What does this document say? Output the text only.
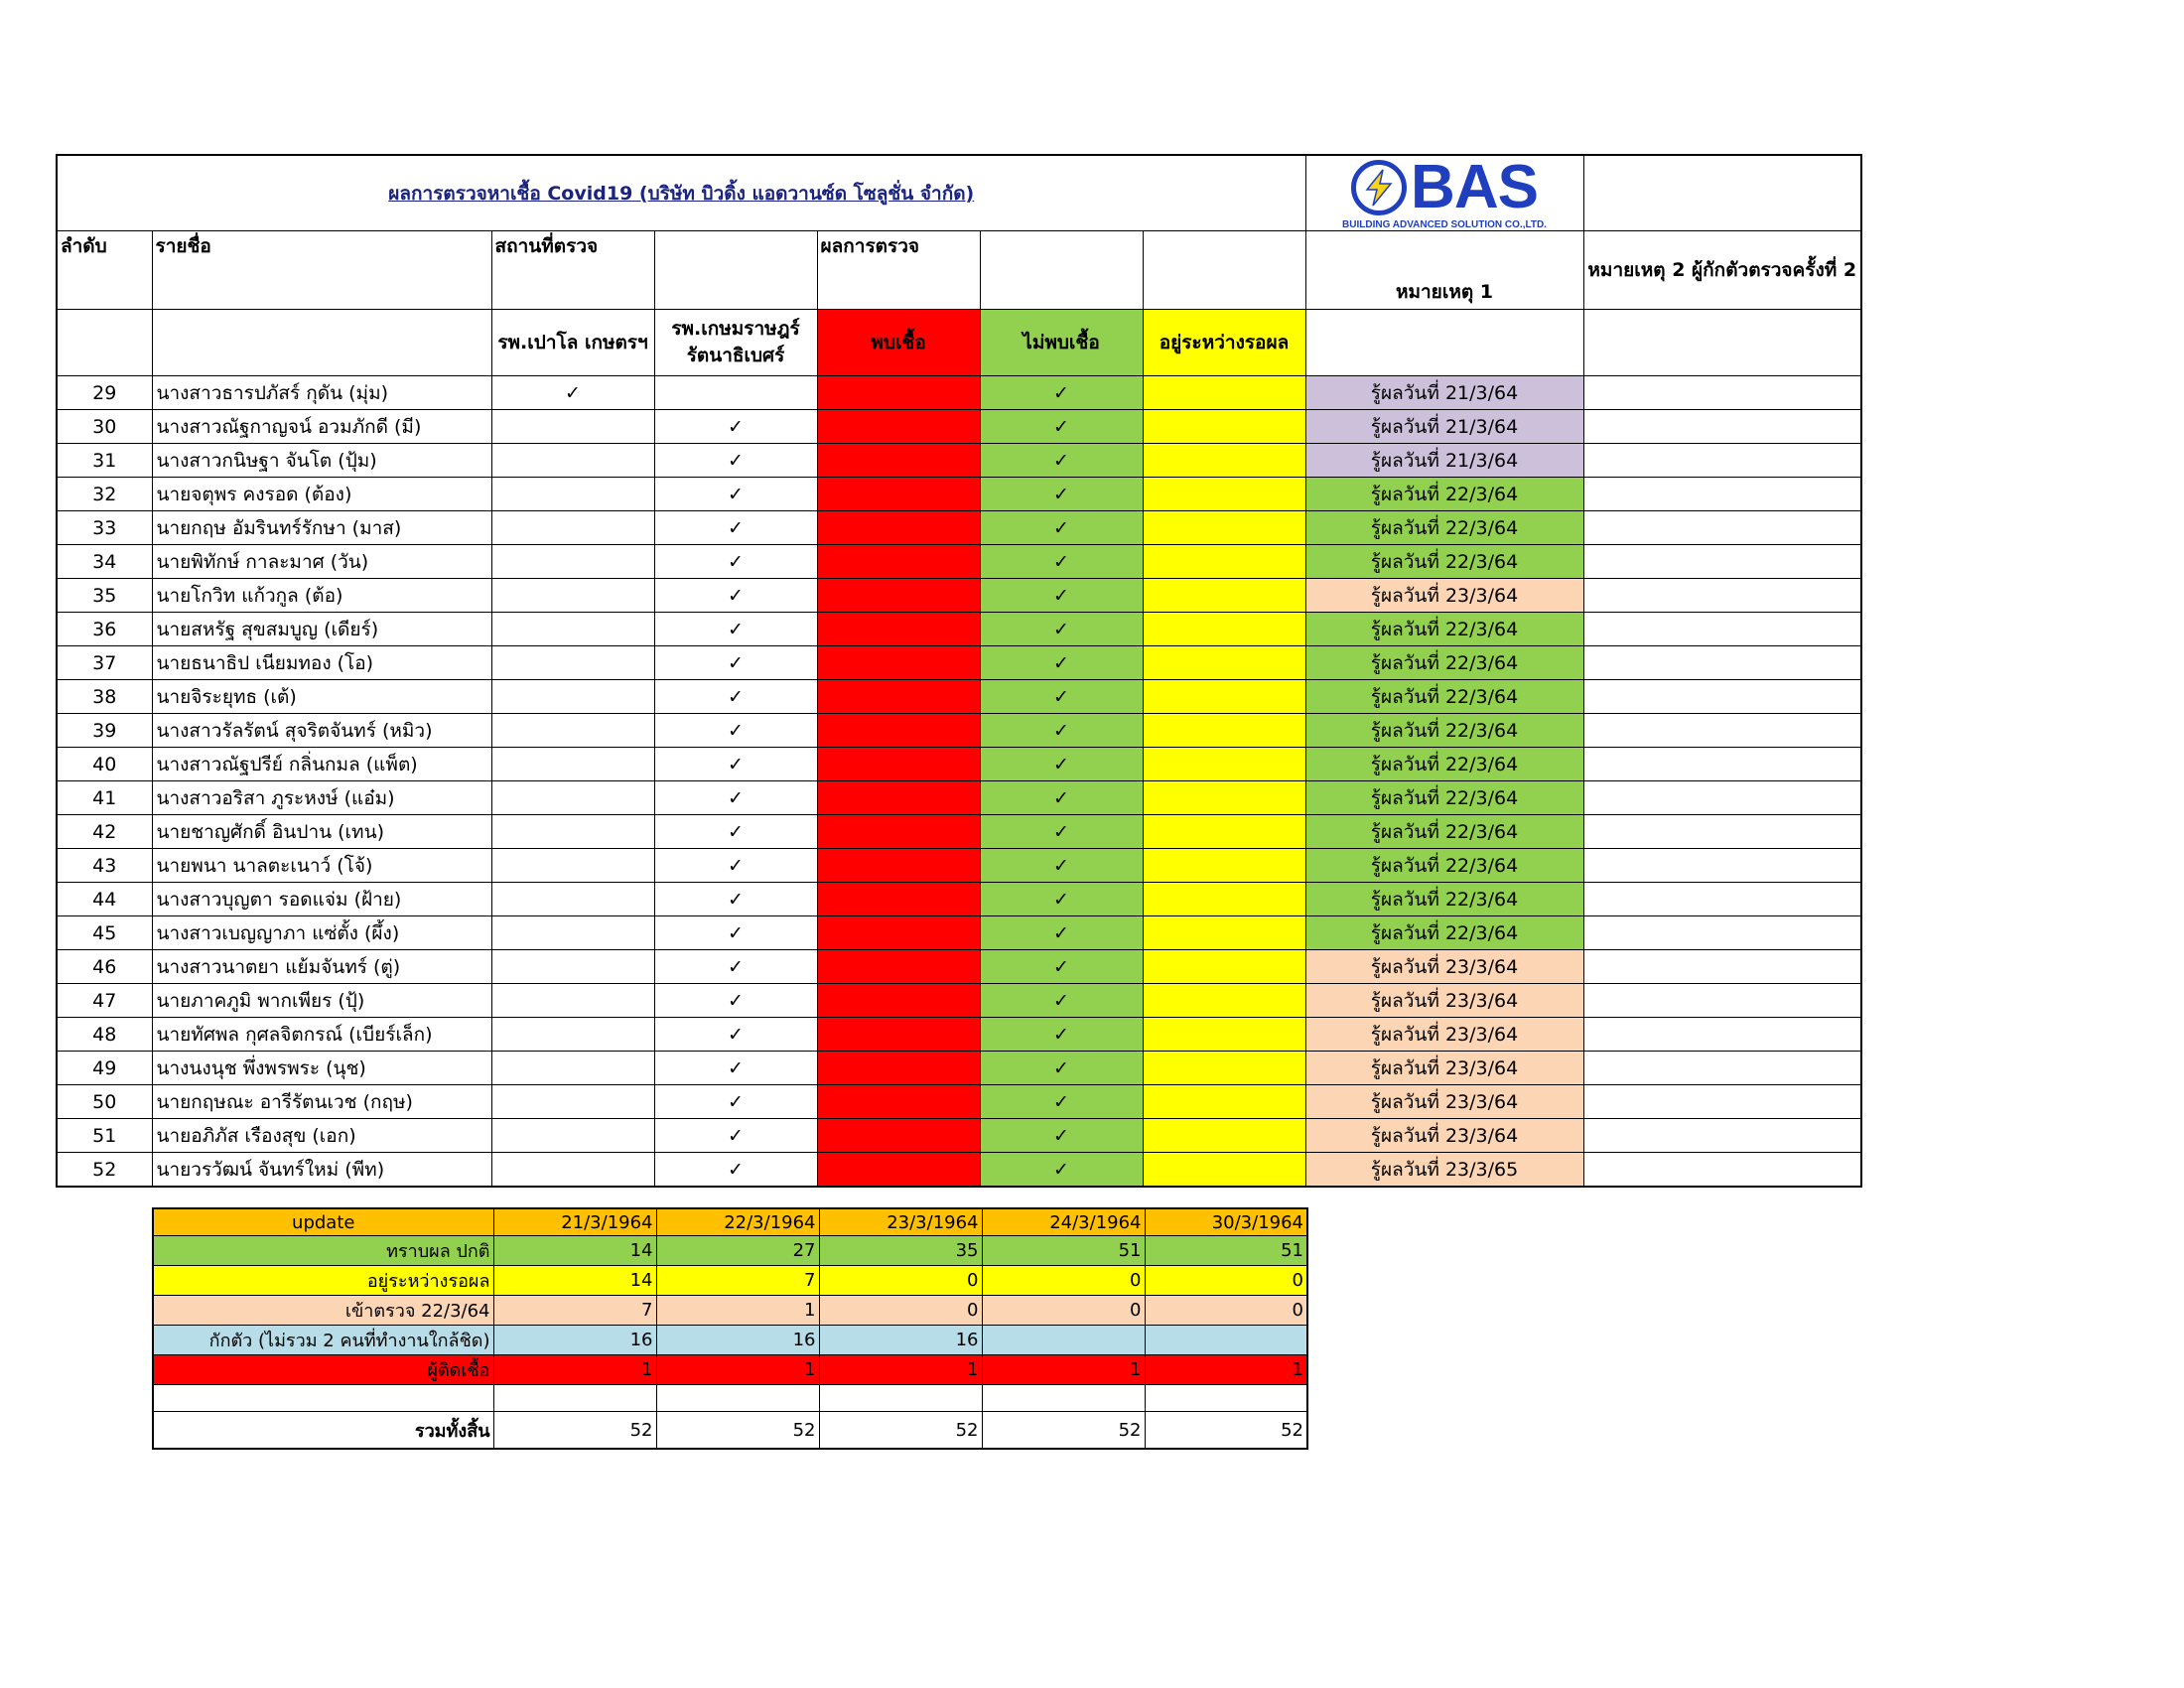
ผลการตรวจหาเชื้อ Covid19 (บริษัท บิวดิ้ง แอดวานซ์ด โซลูชั่น จำกัด)							BAS
BUILDING ADVANCED SOLUTION CO.,LTD.	

ลำดับ	รายชื่อ	สถานที่ตรวจ		ผลการตรวจ			หมายเหตุ 1	หมายเหตุ 2 ผู้กักตัวตรวจครั้งที่ 2
		รพ.เปาโล เกษตรฯ	รพ.เกษมราษฎร์ รัตนาธิเบศร์	พบเชื้อ	ไม่พบเชื้อ	อยู่ระหว่างรอผล		
29	นางสาวธารปภัสร์ กุดัน (มุ่ม)	✓			✓		รู้ผลวันที่ 21/3/64	
30	นางสาวณัฐกาญจน์ อวมภักดี (มี)		✓		✓		รู้ผลวันที่ 21/3/64	
31	นางสาวกนิษฐา จันโต (ปุ้ม)		✓		✓		รู้ผลวันที่ 21/3/64	
32	นายจตุพร คงรอด (ต้อง)		✓		✓		รู้ผลวันที่ 22/3/64	
33	นายกฤษ อัมรินทร์รักษา (มาส)		✓		✓		รู้ผลวันที่ 22/3/64	
34	นายพิทักษ์ กาละมาศ (วัน)		✓		✓		รู้ผลวันที่ 22/3/64	
35	นายโกวิท แก้วกูล (ต้อ)		✓		✓		รู้ผลวันที่ 23/3/64	
36	นายสหรัฐ สุขสมบูญ (เดียร์)		✓		✓		รู้ผลวันที่ 22/3/64	
37	นายธนาธิป เนียมทอง (โอ)		✓		✓		รู้ผลวันที่ 22/3/64	
38	นายจิระยุทธ (เต้)		✓		✓		รู้ผลวันที่ 22/3/64	
39	นางสาวรัลรัตน์ สุจริตจันทร์ (หมิว)		✓		✓		รู้ผลวันที่ 22/3/64	
40	นางสาวณัฐปรีย์ กลิ่นกมล (แพ็ต)		✓		✓		รู้ผลวันที่ 22/3/64	
41	นางสาวอริสา ภูระหงษ์ (แอ๋ม)		✓		✓		รู้ผลวันที่ 22/3/64	
42	นายชาญศักดิ์ อินปาน (เทน)		✓		✓		รู้ผลวันที่ 22/3/64	
43	นายพนา นาลตะเนาว์ (โจ้)		✓		✓		รู้ผลวันที่ 22/3/64	
44	นางสาวบุญตา รอดแจ่ม (ฝ้าย)		✓		✓		รู้ผลวันที่ 22/3/64	
45	นางสาวเบญญาภา แซ่ตั้ง (ผึ้ง)		✓		✓		รู้ผลวันที่ 22/3/64	
46	นางสาวนาตยา แย้มจันทร์ (ตู่)		✓		✓		รู้ผลวันที่ 23/3/64	
47	นายภาคภูมิ พากเพียร (ปุ้)		✓		✓		รู้ผลวันที่ 23/3/64	
48	นายทัศพล กุศลจิตกรณ์ (เบียร์เล็ก)		✓		✓		รู้ผลวันที่ 23/3/64	
49	นางนงนุช พึ่งพรพระ (นุช)		✓		✓		รู้ผลวันที่ 23/3/64	
50	นายกฤษณะ อารีรัตนเวช (กฤษ)		✓		✓		รู้ผลวันที่ 23/3/64	
51	นายอภิภัส เรืองสุข (เอก)		✓		✓		รู้ผลวันที่ 23/3/64	
52	นายวรวัฒน์ จันทร์ใหม่ (พีท)		✓		✓		รู้ผลวันที่ 23/3/65	
update	21/3/1964	22/3/1964	23/3/1964	24/3/1964	30/3/1964
ทราบผล ปกติ	14	27	35	51	51
อยู่ระหว่างรอผล	14	7	0	0	0
เข้าตรวจ 22/3/64	7	1	0	0	0
กักตัว (ไม่รวม 2 คนที่ทำงานใกล้ชิด)	16	16	16		
ผู้ติดเชื้อ	1	1	1	1	1

รวมทั้งสิ้น	52	52	52	52	52
